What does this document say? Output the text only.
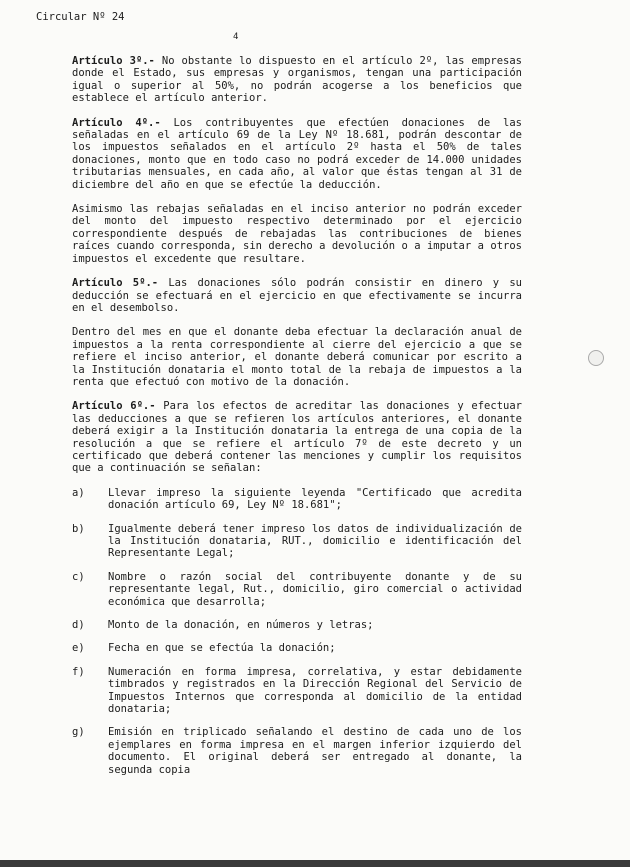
Circular Nº 24
4

Artículo 3º.- No obstante lo dispuesto en el artículo 2º, las empresas donde el Estado, sus empresas y organismos, tengan una participación igual o superior al 50%, no podrán acogerse a los beneficios que establece el artículo anterior.

Artículo 4º.- Los contribuyentes que efectúen donaciones de las señaladas en el artículo 69 de la Ley Nº 18.681, podrán descontar de los impuestos señalados en el artículo 2º hasta el 50% de tales donaciones, monto que en todo caso no podrá exceder de 14.000 unidades tributarias mensuales, en cada año, al valor que éstas tengan al 31 de diciembre del año en que se efectúe la deducción.

Asimismo las rebajas señaladas en el inciso anterior no podrán exceder del monto del impuesto respectivo determinado por el ejercicio correspondiente después de rebajadas las contribuciones de bienes raíces cuando corresponda, sin derecho a devolución o a imputar a otros impuestos el excedente que resultare.

Artículo 5º.- Las donaciones sólo podrán consistir en dinero y su deducción se efectuará en el ejercicio en que efectivamente se incurra en el desembolso.

Dentro del mes en que el donante deba efectuar la declaración anual de impuestos a la renta correspondiente al cierre del ejercicio a que se refiere el inciso anterior, el donante deberá comunicar por escrito a la Institución donataria el monto total de la rebaja de impuestos a la renta que efectuó con motivo de la donación.

Artículo 6º.- Para los efectos de acreditar las donaciones y efectuar las deducciones a que se refieren los artículos anteriores, el donante deberá exigir a la Institución donataria la entrega de una copia de la resolución a que se refiere el artículo 7º de este decreto y un certificado que deberá contener las menciones y cumplir los requisitos que a continuación se señalan:

a)	Llevar impreso la siguiente leyenda "Certificado que acredita donación artículo 69, Ley Nº 18.681";
b)	Igualmente deberá tener impreso los datos de individualización de la Institución donataria, RUT., domicilio e identificación del Representante Legal;
c)	Nombre o razón social del contribuyente donante y de su representante legal, Rut., domicilio, giro comercial o actividad económica que desarrolla;
d)	Monto de la donación, en números y letras;
e)	Fecha en que se efectúa la donación;
f)	Numeración en forma impresa, correlativa, y estar debidamente timbrados y registrados en la Dirección Regional del Servicio de Impuestos Internos que corresponda al domicilio de la entidad donataria;
g)	Emisión en triplicado señalando el destino de cada uno de los ejemplares en forma impresa en el margen inferior izquierdo del documento. El original deberá ser entregado al donante, la segunda copia
